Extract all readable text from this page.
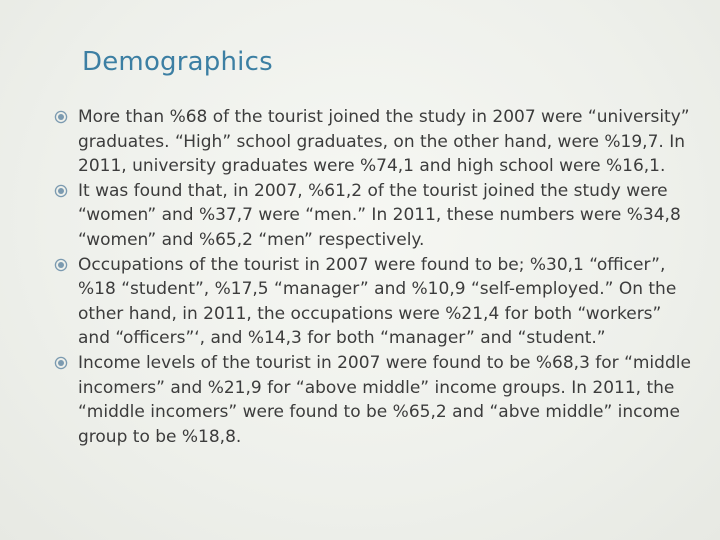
Demographics
More than %68 of the tourist joined the study in 2007 were “university” graduates. “High” school graduates, on the other hand, were %19,7. In 2011, university graduates were %74,1 and high school were %16,1.
It was found that, in 2007, %61,2 of the tourist joined the study were “women” and %37,7 were “men.” In 2011, these numbers were %34,8 “women” and %65,2 “men” respectively.
Occupations of the tourist in 2007 were found to be; %30,1 “officer”, %18 “student”, %17,5 “manager” and %10,9 “self-employed.” On the other hand, in 2011, the occupations were %21,4 for both “workers” and “officers”‘, and %14,3 for both “manager” and “student.”
Income levels of the tourist in 2007 were found to be %68,3 for “middle incomers” and %21,9 for “above middle” income groups. In 2011, the “middle incomers” were found to be %65,2 and “abve middle” income group to be %18,8.
